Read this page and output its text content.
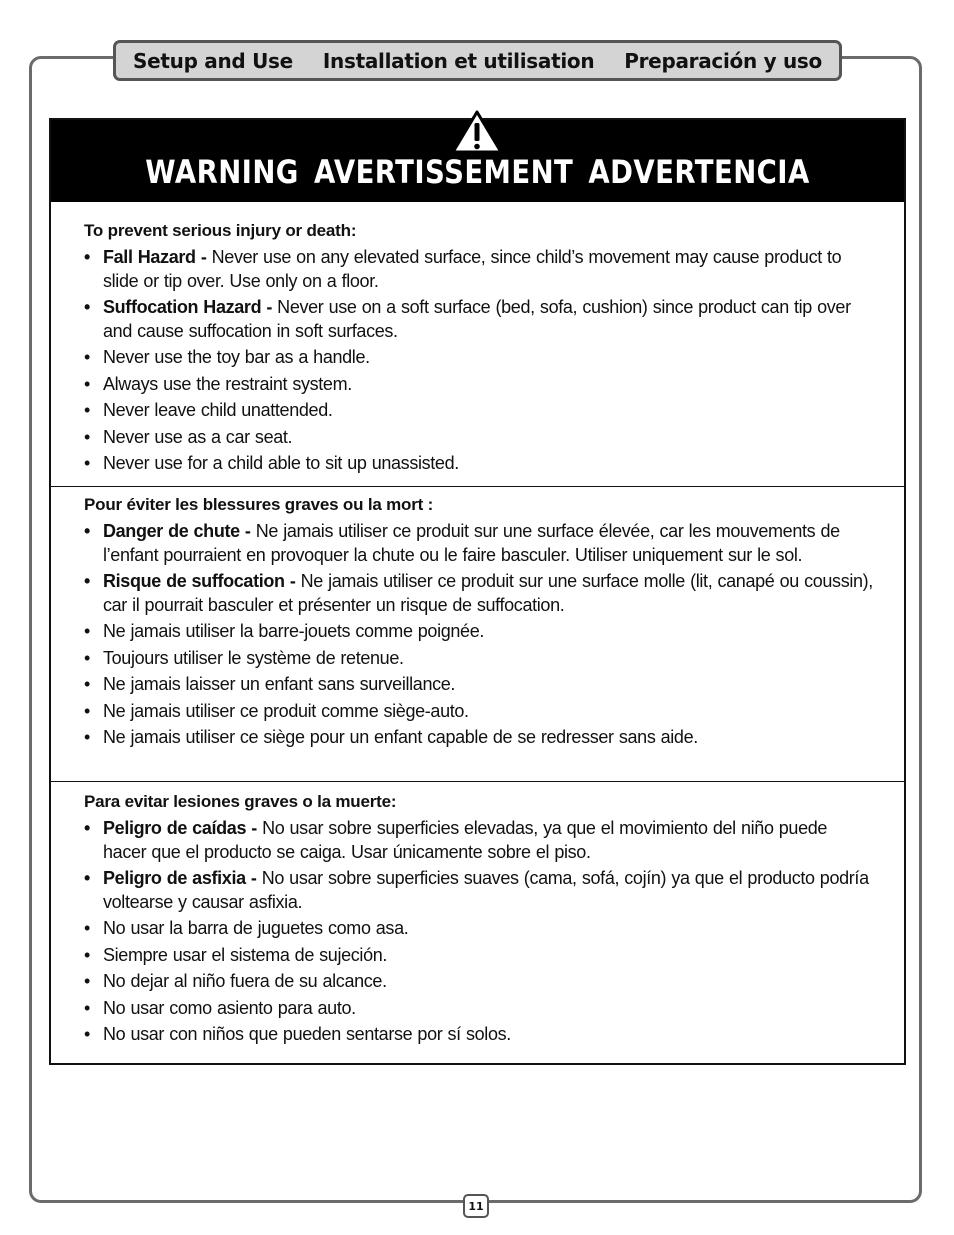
Setup and Use Installation et utilisation Preparación y uso
WARNING AVERTISSEMENT ADVERTENCIA

To prevent serious injury or death:

• Fall Hazard - Never use on any elevated surface, since child’s movement may cause product to slide or tip over. Use only on a floor.
• Suffocation Hazard - Never use on a soft surface (bed, sofa, cushion) since product can tip over and cause suffocation in soft surfaces.
• Never use the toy bar as a handle.
• Always use the restraint system.
• Never leave child unattended.
• Never use as a car seat.
• Never use for a child able to sit up unassisted.

Pour éviter les blessures graves ou la mort :

• Danger de chute - Ne jamais utiliser ce produit sur une surface élevée, car les mouvements de l’enfant pourraient en provoquer la chute ou le faire basculer. Utiliser uniquement sur le sol.
• Risque de suffocation - Ne jamais utiliser ce produit sur une surface molle (lit, canapé ou coussin), car il pourrait basculer et présenter un risque de suffocation.
• Ne jamais utiliser la barre-jouets comme poignée.
• Toujours utiliser le système de retenue.
• Ne jamais laisser un enfant sans surveillance.
• Ne jamais utiliser ce produit comme siège-auto.
• Ne jamais utiliser ce siège pour un enfant capable de se redresser sans aide.

Para evitar lesiones graves o la muerte:

• Peligro de caídas - No usar sobre superficies elevadas, ya que el movimiento del niño puede hacer que el producto se caiga. Usar únicamente sobre el piso.
• Peligro de asfixia - No usar sobre superficies suaves (cama, sofá, cojín) ya que el producto podría voltearse y causar asfixia.
• No usar la barra de juguetes como asa.
• Siempre usar el sistema de sujeción.
• No dejar al niño fuera de su alcance.
• No usar como asiento para auto.
• No usar con niños que pueden sentarse por sí solos.
11
